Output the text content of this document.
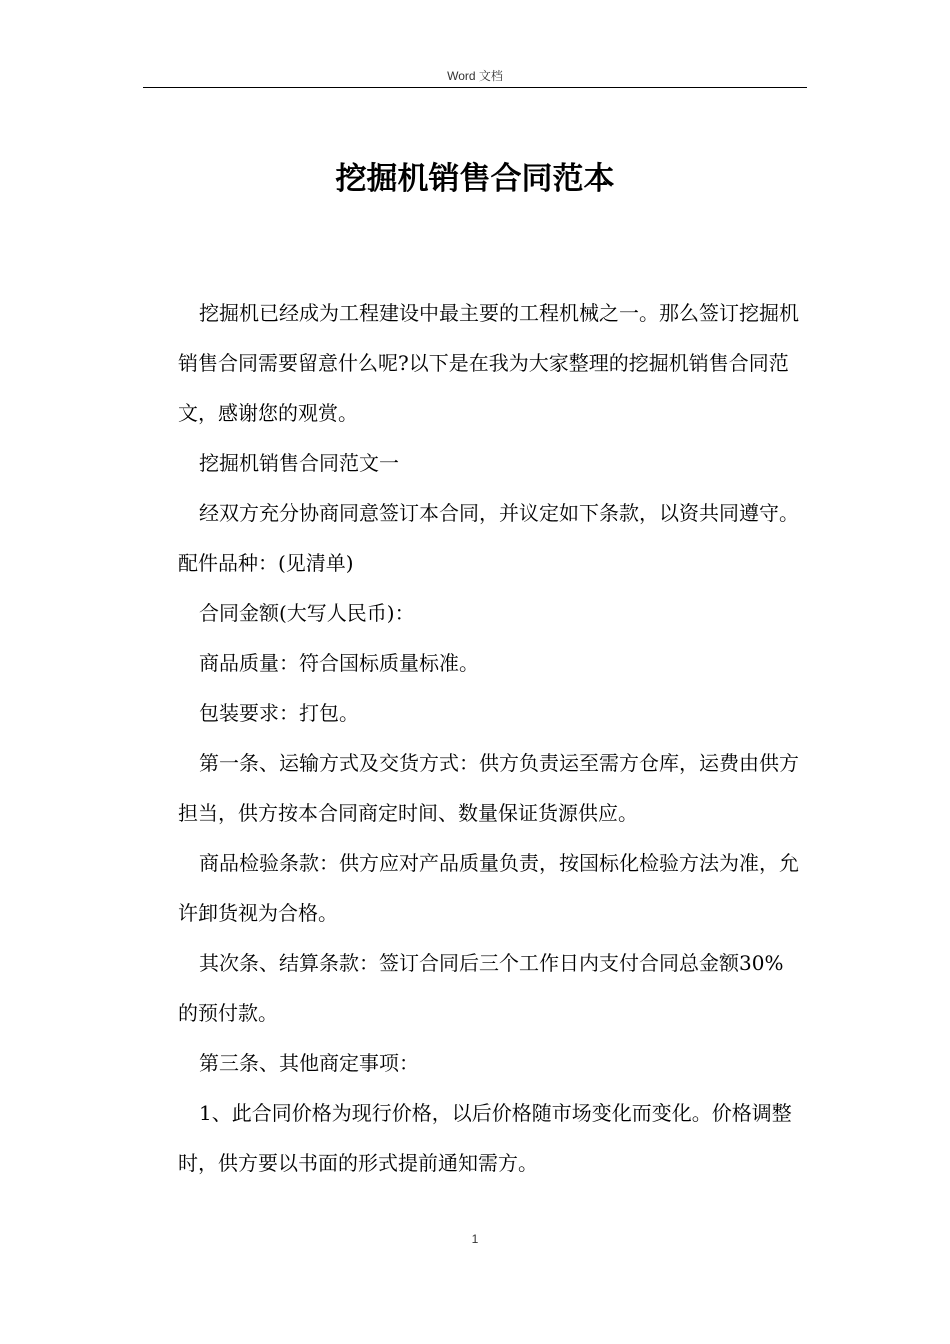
Word 文档
挖掘机销售合同范本

挖掘机已经成为工程建设中最主要的工程机械之一。那么签订挖掘机销售合同需要留意什么呢?以下是在我为大家整理的挖掘机销售合同范文，感谢您的观赏。

挖掘机销售合同范文一

经双方充分协商同意签订本合同，并议定如下条款，以资共同遵守。配件品种：(见清单)

合同金额(大写人民币)：

商品质量：符合国标质量标准。

包装要求：打包。

第一条、运输方式及交货方式：供方负责运至需方仓库，运费由供方担当，供方按本合同商定时间、数量保证货源供应。

商品检验条款：供方应对产品质量负责，按国标化检验方法为准，允许卸货视为合格。

其次条、结算条款：签订合同后三个工作日内支付合同总金额30%的预付款。

第三条、其他商定事项：

1、此合同价格为现行价格，以后价格随市场变化而变化。价格调整时，供方要以书面的形式提前通知需方。

1
